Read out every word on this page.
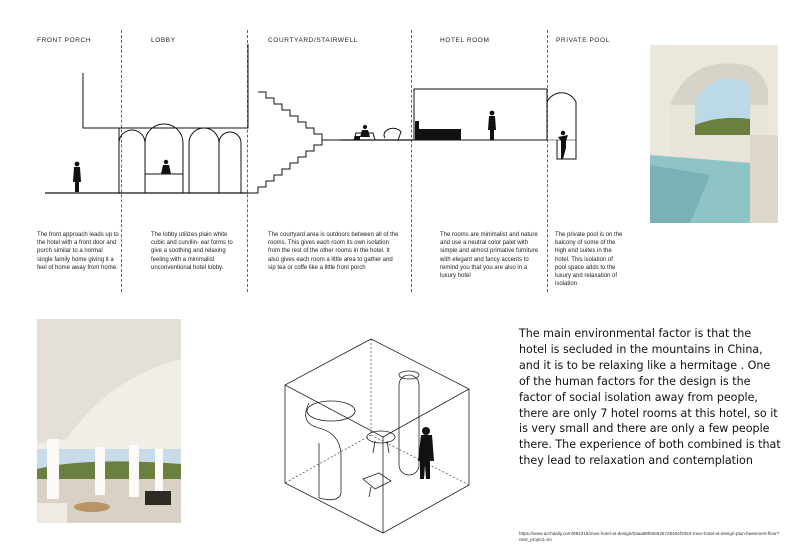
FRONT PORCH	LOBBY	COURTYARD/STAIRWELL	HOTEL ROOM	PRIVATE POOL
The front approach leads up to the hotel with a front door and porch similar to a normal single family home giving it a feel of home away from home.
The lobby utilizes plain white cubic and curvilin- ear forms to give a soothing and relaxing feeling with a minimalist unconventional hotel lobby.
The courtyard area is outdoors between all of the rooms. This gives each room its own isolation from the rest of the other rooms in the hotel. It also gives each room a little area to gather and sip tea or coffe like a little front porch
The rooms are minimalist and nature and use a neutral color palet with simple and almost primative furniture with elegant and fancy accents to remind you that you are also in a luxury hotel
The private pool is on the balcony of some of the high end suites in the hotel. This isolation of pool space adds to the luxury and relaxation of isolation
The main environmental factor is that the hotel is secluded in the mountains in China, and it is to be relaxing like a hermitage . One of the human factors for the design is the factor of social isolation away from people, there are only 7 hotel rooms at this hotel, so it is very small and there are only a few people there. The experience of both combined is that they lead to relaxation and contemplation
https://www.archdaily.com/994319/mwo-hotel-at-design/63aa68f66e62572640ef2053-mwo-hotel-at-design-plan-basement-floor?next_project=no
